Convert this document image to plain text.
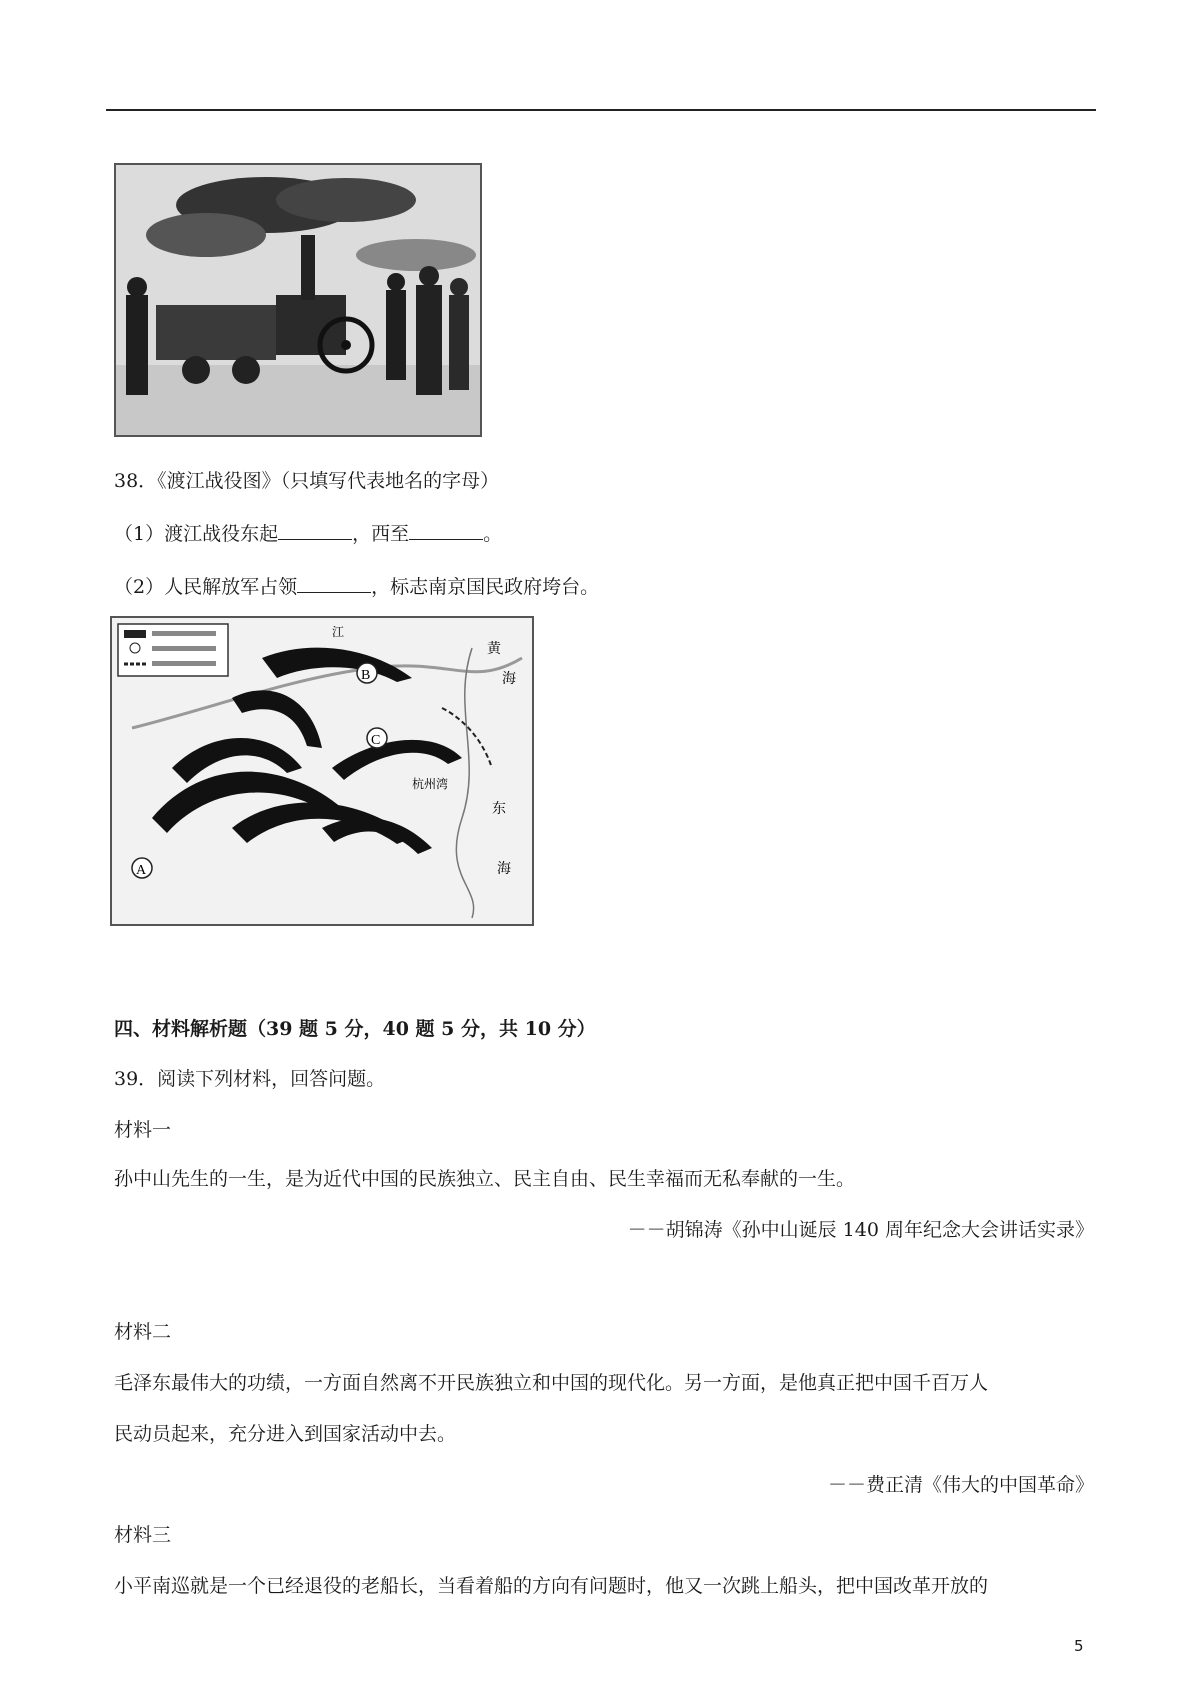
38．《渡江战役图》（只填写代表地名的字母）
（1）渡江战役东起	，西至	。
（2）人民解放军占领	，标志南京国民政府垮台。
A
B
C
黄
海
东
海
杭州湾
江
四、材料解析题（39 题 5 分，40 题 5 分，共 10 分）
39．阅读下列材料，回答问题。
材料一
孙中山先生的一生，是为近代中国的民族独立、民主自由、民生幸福而无私奉献的一生。
－－胡锦涛《孙中山诞辰 140 周年纪念大会讲话实录》
材料二
毛泽东最伟大的功绩，一方面自然离不开民族独立和中国的现代化。另一方面，是他真正把中国千百万人
民动员起来，充分进入到国家活动中去。
－－费正清《伟大的中国革命》
材料三
小平南巡就是一个已经退役的老船长，当看着船的方向有问题时，他又一次跳上船头，把中国改革开放的
5
